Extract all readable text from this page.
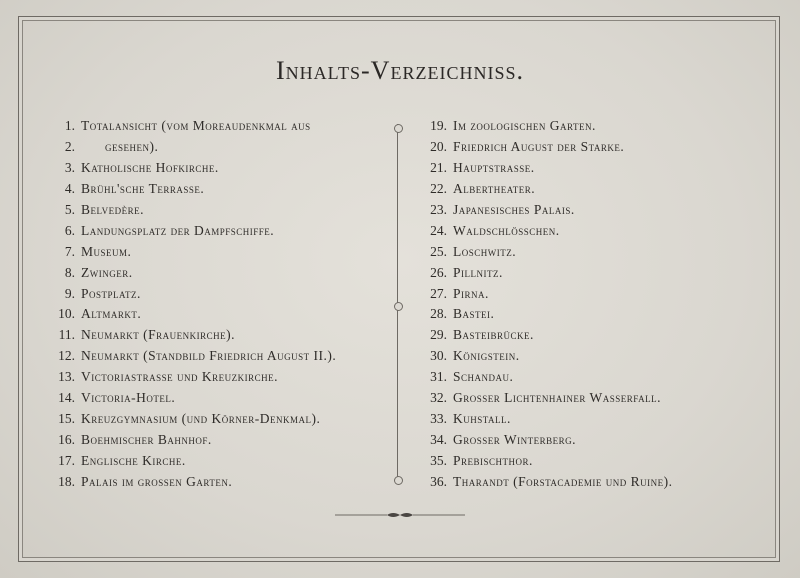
Inhalts-Verzeichniss.
1. Totalansicht (vom Moreaudenkmal aus
2.	gesehen).
3. Katholische Hofkirche.
4. Brühl'sche Terrasse.
5. Belvedère.
6. Landungsplatz der Dampfschiffe.
7. Museum.
8. Zwinger.
9. Postplatz.
10. Altmarkt.
11. Neumarkt (Frauenkirche).
12. Neumarkt (Standbild Friedrich August II.).
13. Victoriastrasse und Kreuzkirche.
14. Victoria-Hotel.
15. Kreuzgymnasium (und Körner-Denkmal).
16. Boehmischer Bahnhof.
17. Englische Kirche.
18. Palais im grossen Garten.
19. Im zoologischen Garten.
20. Friedrich August der Starke.
21. Hauptstrasse.
22. Albertheater.
23. Japanesisches Palais.
24. Waldschlösschen.
25. Loschwitz.
26. Pillnitz.
27. Pirna.
28. Bastei.
29. Basteibrücke.
30. Königstein.
31. Schandau.
32. Grosser Lichtenhainer Wasserfall.
33. Kuhstall.
34. Grosser Winterberg.
35. Prebischthor.
36. Tharandt (Forstacademie und Ruine).
